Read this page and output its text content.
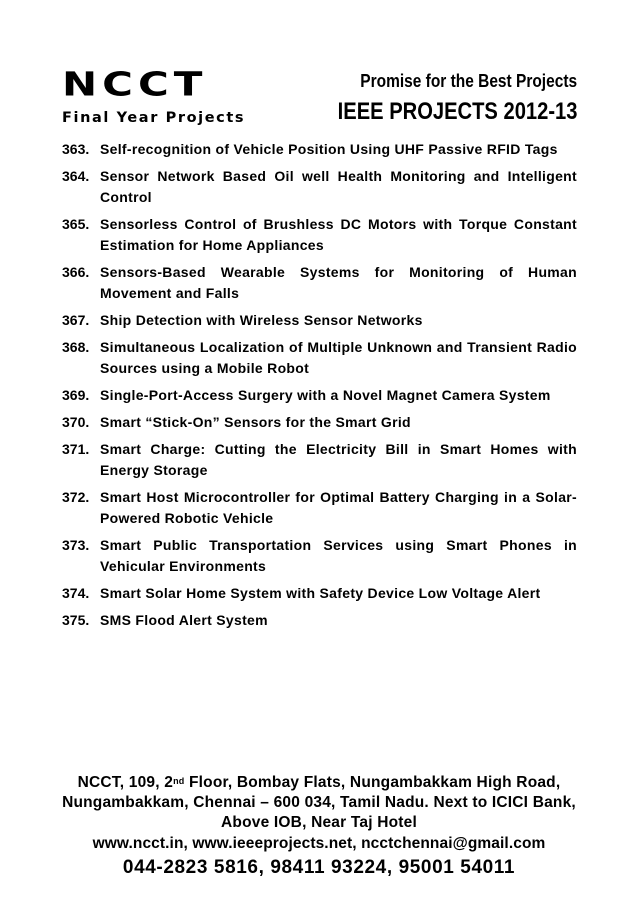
NCCT
Final Year Projects
Promise for the Best Projects
IEEE PROJECTS 2012-13
363. Self-recognition of Vehicle Position Using UHF Passive RFID Tags
364. Sensor Network Based Oil well Health Monitoring and Intelligent Control
365. Sensorless Control of Brushless DC Motors with Torque Constant Estimation for Home Appliances
366. Sensors-Based Wearable Systems for Monitoring of Human Movement and Falls
367. Ship Detection with Wireless Sensor Networks
368. Simultaneous Localization of Multiple Unknown and Transient Radio Sources using a Mobile Robot
369. Single-Port-Access Surgery with a Novel Magnet Camera System
370. Smart “Stick-On” Sensors for the Smart Grid
371. Smart Charge: Cutting the Electricity Bill in Smart Homes with Energy Storage
372. Smart Host Microcontroller for Optimal Battery Charging in a Solar-Powered Robotic Vehicle
373. Smart Public Transportation Services using Smart Phones in Vehicular Environments
374. Smart Solar Home System with Safety Device Low Voltage Alert
375. SMS Flood Alert System
NCCT, 109, 2nd Floor, Bombay Flats, Nungambakkam High Road, Nungambakkam, Chennai – 600 034, Tamil Nadu. Next to ICICI Bank, Above IOB, Near Taj Hotel
www.ncct.in, www.ieeeprojects.net, ncctchennai@gmail.com
044-2823 5816, 98411 93224, 95001 54011
